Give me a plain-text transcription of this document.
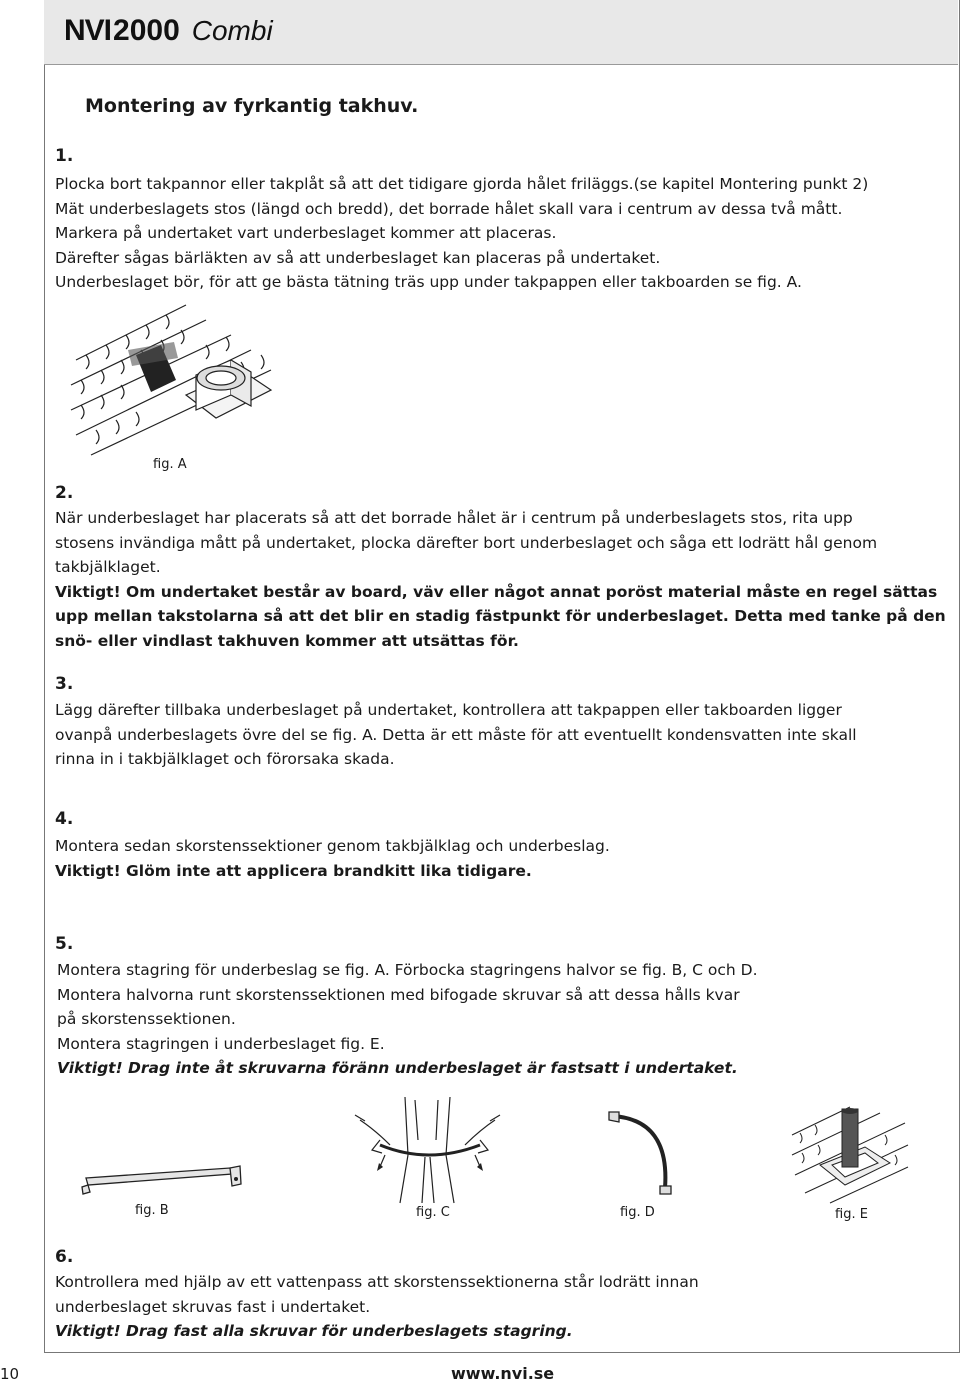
NVI 2000 Combi
Montering av fyrkantig takhuv.
1.
Plocka bort takpannor eller takplåt så att det tidigare gjorda hålet friläggs.(se kapitel Montering punkt 2)
Mät underbeslagets stos (längd och bredd), det borrade hålet skall vara i centrum av dessa två mått.
Markera på undertaket vart underbeslaget kommer att placeras.
Därefter sågas bärläkten av så att underbeslaget kan placeras på undertaket.
Underbeslaget bör, för att ge bästa tätning träs upp under takpappen eller takboarden se fig. A.
fig. A
2.
När underbeslaget har placerats så att det borrade hålet är i centrum på underbeslagets stos, rita upp
stosens invändiga mått på undertaket, plocka därefter bort underbeslaget och såga ett lodrätt hål genom
takbjälklaget.
Viktigt! Om undertaket består av board, väv eller något annat poröst material måste en regel sättas
upp mellan takstolarna så att det blir en stadig fästpunkt för underbeslaget. Detta med tanke på den
snö- eller vindlast takhuven kommer att utsättas för.
3.
Lägg därefter tillbaka underbeslaget på undertaket, kontrollera att takpappen eller takboarden ligger
ovanpå underbeslagets övre del se fig. A. Detta är ett måste för att eventuellt kondensvatten inte skall
rinna in i takbjälklaget och förorsaka skada.
4.
Montera sedan skorstenssektioner genom takbjälklag och underbeslag.
Viktigt! Glöm inte att applicera brandkitt lika tidigare.
5.
Montera stagring för underbeslag se fig. A. Förbocka stagringens halvor se fig. B, C och D.
Montera halvorna runt skorstenssektionen med bifogade skruvar så att dessa hålls kvar
på skorstenssektionen.
Montera stagringen i underbeslaget fig. E.
Viktigt! Drag inte åt skruvarna föränn underbeslaget är fastsatt i undertaket.
fig. B	fig. C	fig. D	fig. E
6.
Kontrollera med hjälp av ett vattenpass att skorstenssektionerna står lodrätt innan
underbeslaget skruvas fast i undertaket.
Viktigt! Drag fast alla skruvar för underbeslagets stagring.
10	www.nvi.se
